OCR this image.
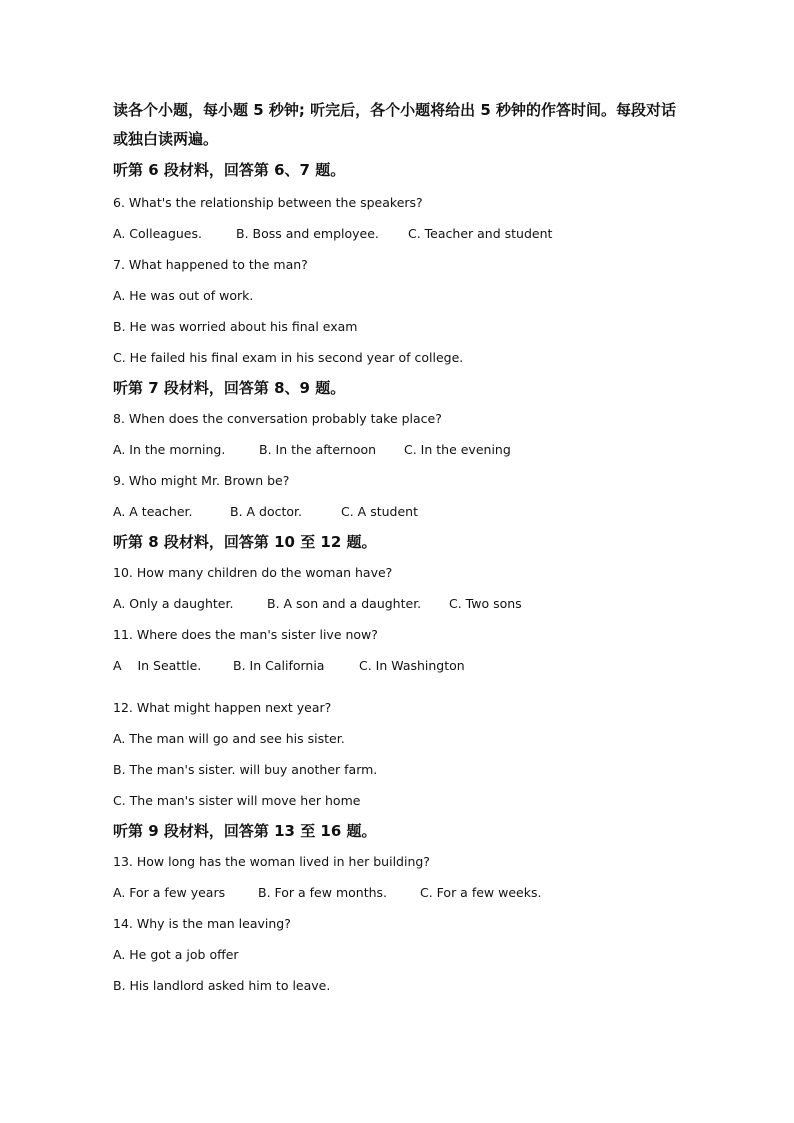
读各个小题，每小题 5 秒钟; 听完后，各个小题将给出 5 秒钟的作答时间。每段对话

或独白读两遍。

听第 6 段材料，回答第 6、7 题。

6. What's the relationship between the speakers?

A. Colleagues.	B. Boss and employee.	C. Teacher and student

7. What happened to the man?

A. He was out of work.

B. He was worried about his final exam

C. He failed his final exam in his second year of college.

听第 7 段材料，回答第 8、9 题。

8. When does the conversation probably take place?

A. In the morning.	B. In the afternoon	C. In the evening

9. Who might Mr. Brown be?

A. A teacher.	B. A doctor.	C. A student

听第 8 段材料，回答第 10 至 12 题。

10. How many children do the woman have?

A. Only a daughter.	B. A son and a daughter.	C. Two sons

11. Where does the man's sister live now?

A    In Seattle.	B. In California	C. In Washington

12. What might happen next year?

A. The man will go and see his sister.

B. The man's sister. will buy another farm.

C. The man's sister will move her home

听第 9 段材料，回答第 13 至 16 题。

13. How long has the woman lived in her building?

A. For a few years	B. For a few months.	C. For a few weeks.

14. Why is the man leaving?

A. He got a job offer

B. His landlord asked him to leave.
